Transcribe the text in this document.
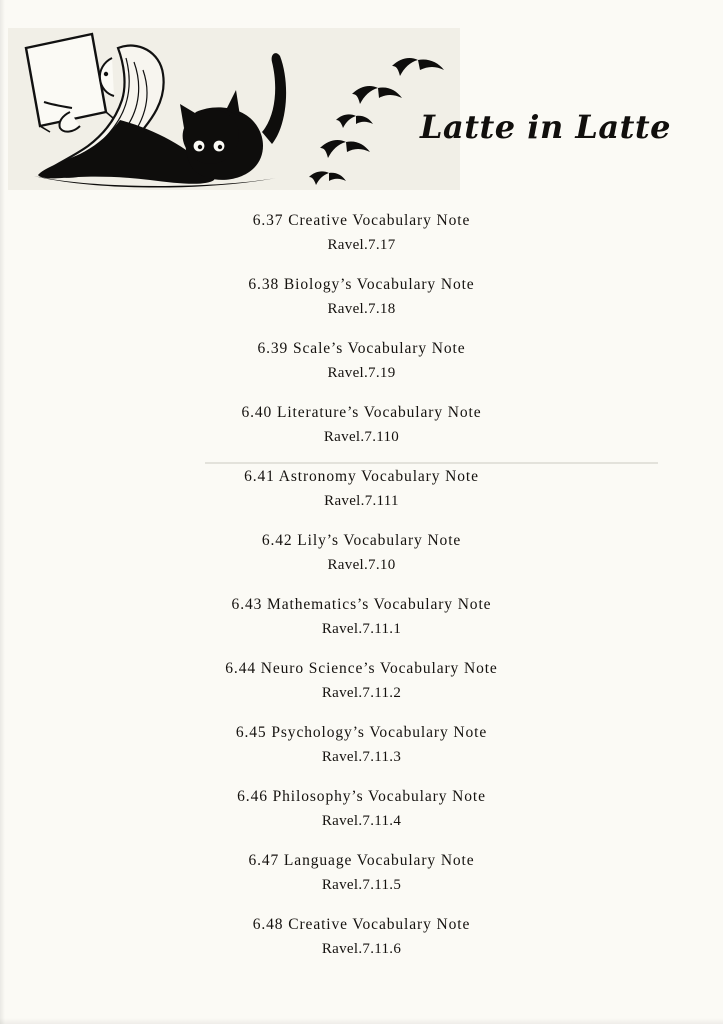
Latte in Latte
6.37 Creative Vocabulary Note
Ravel.7.17
6.38 Biology’s Vocabulary Note
Ravel.7.18
6.39 Scale’s Vocabulary Note
Ravel.7.19
6.40 Literature’s Vocabulary Note
Ravel.7.110
6.41 Astronomy Vocabulary Note
Ravel.7.111
6.42 Lily’s Vocabulary Note
Ravel.7.10
6.43 Mathematics’s Vocabulary Note
Ravel.7.11.1
6.44 Neuro Science’s Vocabulary Note
Ravel.7.11.2
6.45 Psychology’s Vocabulary Note
Ravel.7.11.3
6.46 Philosophy’s Vocabulary Note
Ravel.7.11.4
6.47 Language Vocabulary Note
Ravel.7.11.5
6.48 Creative Vocabulary Note
Ravel.7.11.6
